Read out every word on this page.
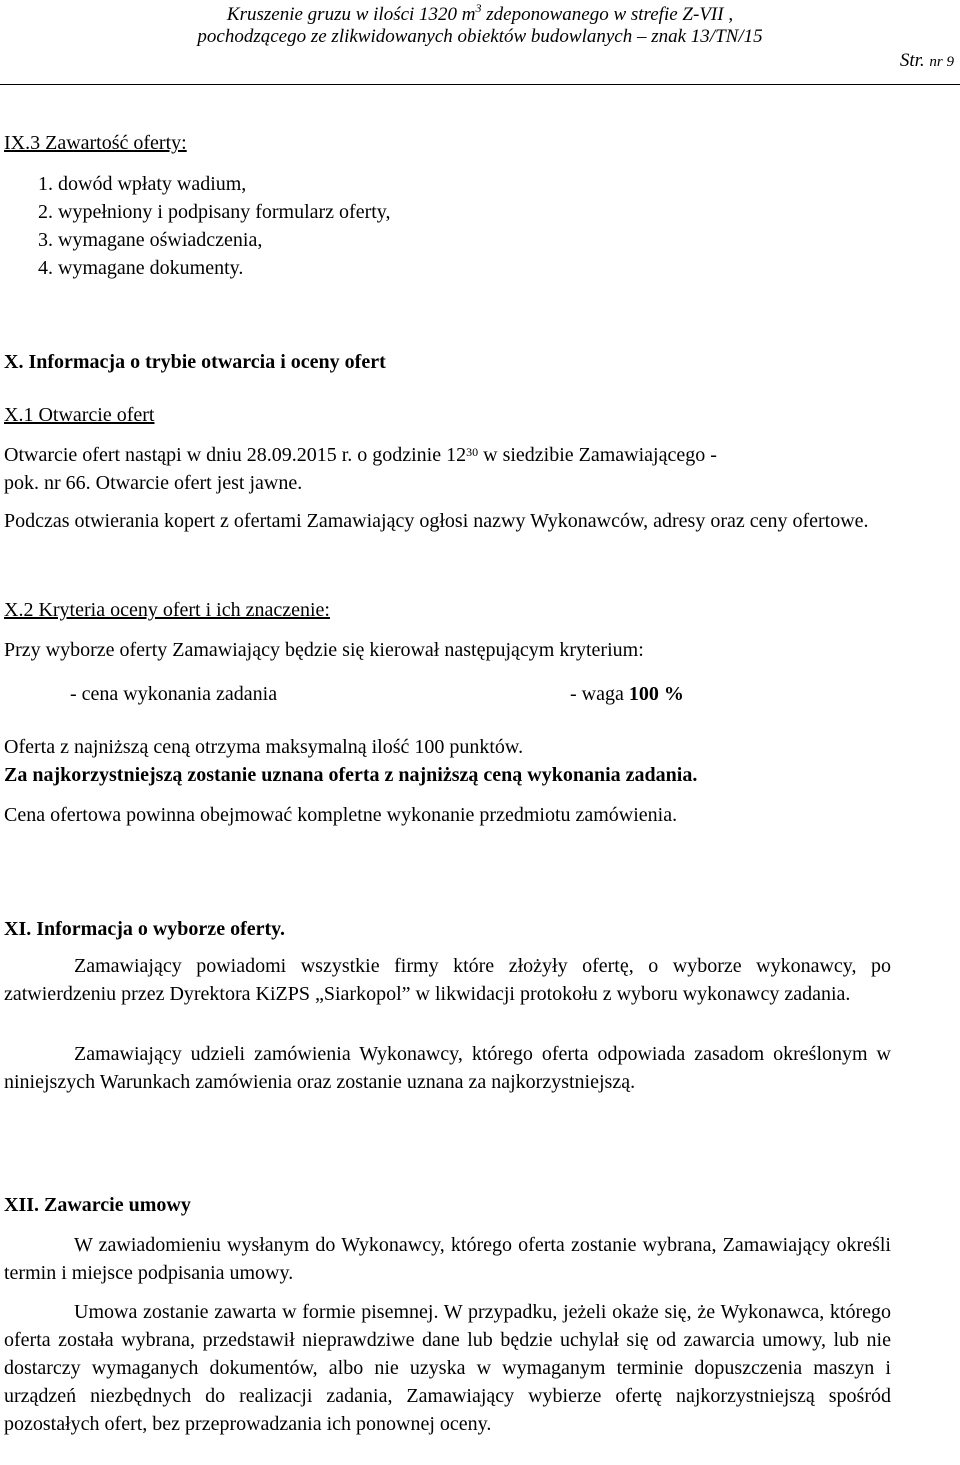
Kruszenie gruzu w ilości 1320 $m^3$ zdeponowanego w strefie Z-VII ,
pochodzącego ze zlikwidowanych obiektów budowlanych – znak 13/TN/15
Str. nr 9
IX.3 Zawartość oferty:
1. dowód wpłaty wadium,
2. wypełniony i podpisany formularz oferty,
3. wymagane oświadczenia,
4. wymagane dokumenty.
X. Informacja o trybie otwarcia i oceny ofert
X.1 Otwarcie ofert
Otwarcie ofert nastąpi w dniu 28.09.2015 r. o godzinie $12^{30}$ w siedzibie Zamawiającego -
pok. nr 66. Otwarcie ofert jest jawne.
Podczas otwierania kopert z ofertami Zamawiający ogłosi nazwy Wykonawców, adresy oraz ceny ofertowe.
X.2 Kryteria oceny ofert i ich znaczenie:
Przy wyborze oferty Zamawiający będzie się kierował następującym kryterium:
- cena wykonania zadania	- waga 100 %
Oferta z najniższą ceną otrzyma maksymalną ilość 100 punktów.
Za najkorzystniejszą zostanie uznana oferta z najniższą ceną wykonania zadania.
Cena ofertowa powinna obejmować kompletne wykonanie przedmiotu zamówienia.
XI. Informacja o wyborze oferty.
Zamawiający powiadomi wszystkie firmy które złożyły ofertę, o wyborze wykonawcy, po zatwierdzeniu przez Dyrektora KiZPS „Siarkopol” w likwidacji protokołu z wyboru wykonawcy zadania.
Zamawiający udzieli zamówienia Wykonawcy, którego oferta odpowiada zasadom określonym w niniejszych Warunkach zamówienia oraz zostanie uznana za najkorzystniejszą.
XII. Zawarcie umowy
W zawiadomieniu wysłanym do Wykonawcy, którego oferta zostanie wybrana, Zamawiający określi termin i miejsce podpisania umowy.
Umowa zostanie zawarta w formie pisemnej. W przypadku, jeżeli okaże się, że Wykonawca, którego oferta została wybrana, przedstawił nieprawdziwe dane lub będzie uchylał się od zawarcia umowy, lub nie dostarczy wymaganych dokumentów, albo nie uzyska w wymaganym terminie dopuszczenia maszyn i urządzeń niezbędnych do realizacji zadania, Zamawiający wybierze ofertę najkorzystniejszą spośród pozostałych ofert, bez przeprowadzania ich ponownej oceny.
